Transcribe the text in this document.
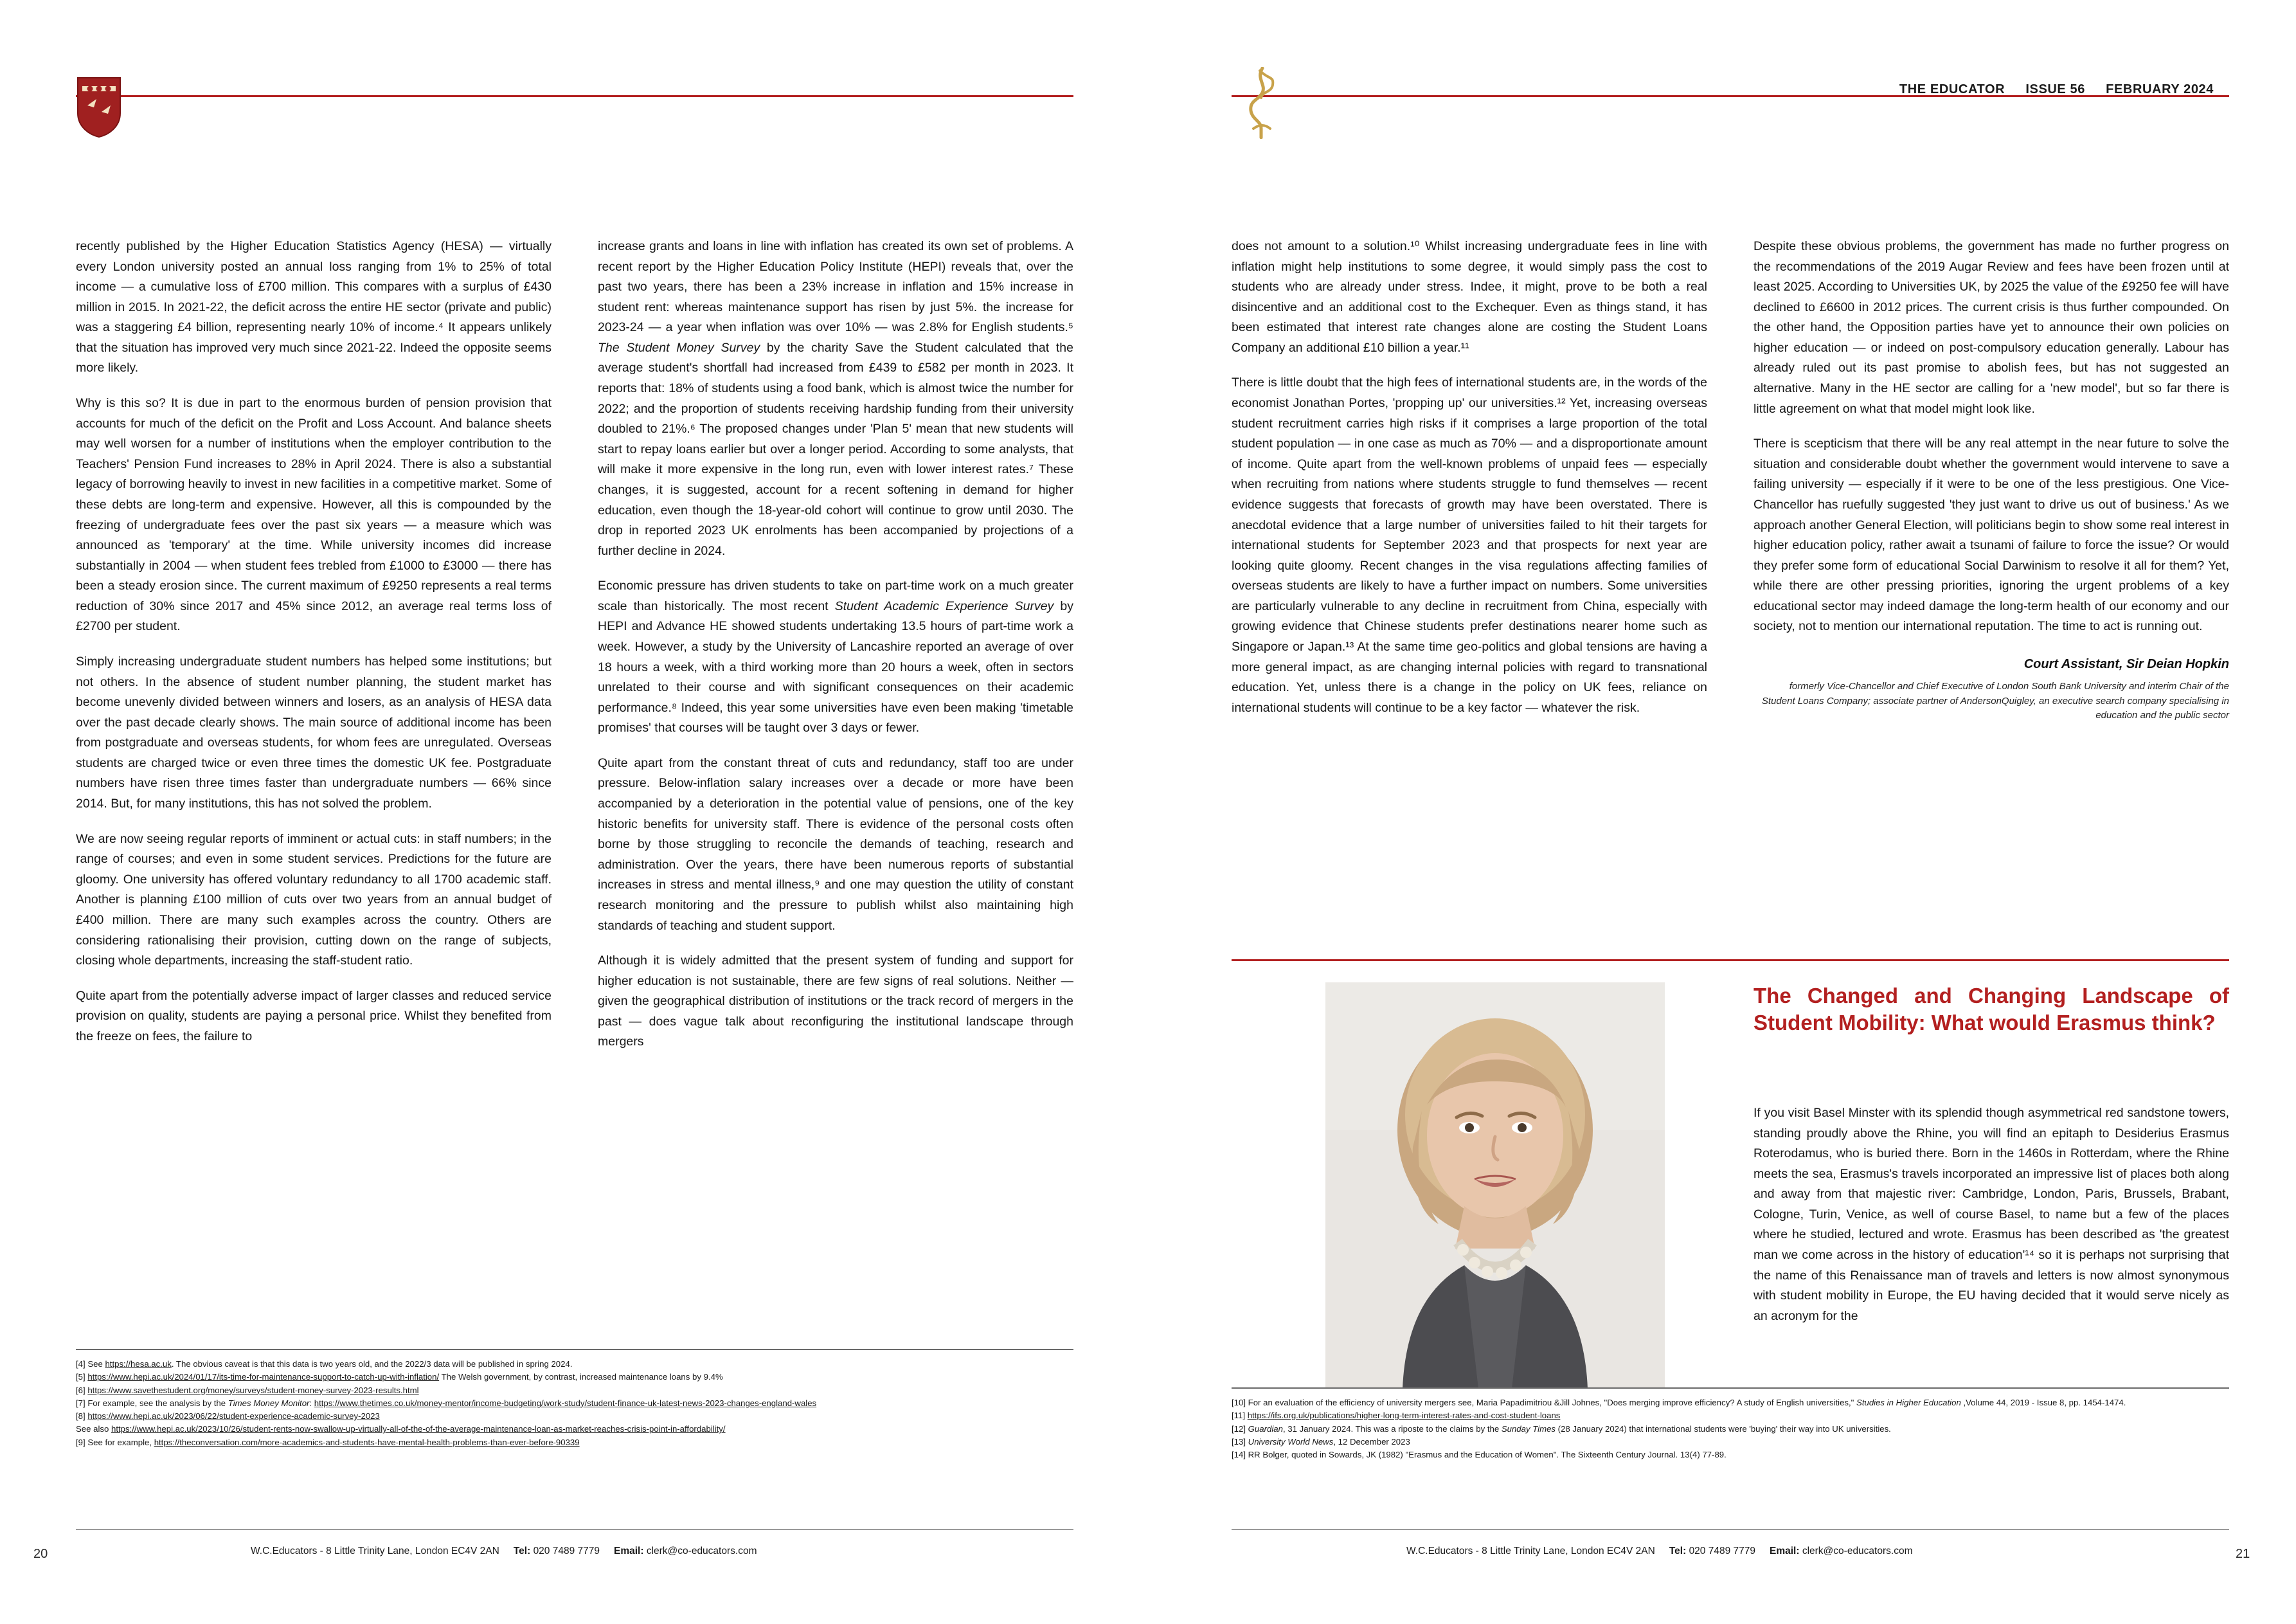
recently published by the Higher Education Statistics Agency (HESA) — virtually every London university posted an annual loss ranging from 1% to 25% of total income — a cumulative loss of £700 million. This compares with a surplus of £430 million in 2015. In 2021-22, the deficit across the entire HE sector (private and public) was a staggering £4 billion, representing nearly 10% of income.⁴ It appears unlikely that the situation has improved very much since 2021-22. Indeed the opposite seems more likely.

Why is this so? It is due in part to the enormous burden of pension provision that accounts for much of the deficit on the Profit and Loss Account. And balance sheets may well worsen for a number of institutions when the employer contribution to the Teachers' Pension Fund increases to 28% in April 2024. There is also a substantial legacy of borrowing heavily to invest in new facilities in a competitive market. Some of these debts are long-term and expensive. However, all this is compounded by the freezing of undergraduate fees over the past six years — a measure which was announced as 'temporary' at the time. While university incomes did increase substantially in 2004 — when student fees trebled from £1000 to £3000 — there has been a steady erosion since. The current maximum of £9250 represents a real terms reduction of 30% since 2017 and 45% since 2012, an average real terms loss of £2700 per student.

Simply increasing undergraduate student numbers has helped some institutions; but not others. In the absence of student number planning, the student market has become unevenly divided between winners and losers, as an analysis of HESA data over the past decade clearly shows. The main source of additional income has been from postgraduate and overseas students, for whom fees are unregulated. Overseas students are charged twice or even three times the domestic UK fee. Postgraduate numbers have risen three times faster than undergraduate numbers — 66% since 2014. But, for many institutions, this has not solved the problem.

We are now seeing regular reports of imminent or actual cuts: in staff numbers; in the range of courses; and even in some student services. Predictions for the future are gloomy. One university has offered voluntary redundancy to all 1700 academic staff. Another is planning £100 million of cuts over two years from an annual budget of £400 million. There are many such examples across the country. Others are considering rationalising their provision, cutting down on the range of subjects, closing whole departments, increasing the staff-student ratio.

Quite apart from the potentially adverse impact of larger classes and reduced service provision on quality, students are paying a personal price. Whilst they benefited from the freeze on fees, the failure to

increase grants and loans in line with inflation has created its own set of problems. A recent report by the Higher Education Policy Institute (HEPI) reveals that, over the past two years, there has been a 23% increase in inflation and 15% increase in student rent: whereas maintenance support has risen by just 5%. the increase for 2023-24 — a year when inflation was over 10% — was 2.8% for English students.⁵ The Student Money Survey by the charity Save the Student calculated that the average student's shortfall had increased from £439 to £582 per month in 2023. It reports that: 18% of students using a food bank, which is almost twice the number for 2022; and the proportion of students receiving hardship funding from their university doubled to 21%.⁶ The proposed changes under 'Plan 5' mean that new students will start to repay loans earlier but over a longer period. According to some analysts, that will make it more expensive in the long run, even with lower interest rates.⁷ These changes, it is suggested, account for a recent softening in demand for higher education, even though the 18-year-old cohort will continue to grow until 2030. The drop in reported 2023 UK enrolments has been accompanied by projections of a further decline in 2024.

Economic pressure has driven students to take on part-time work on a much greater scale than historically. The most recent Student Academic Experience Survey by HEPI and Advance HE showed students undertaking 13.5 hours of part-time work a week. However, a study by the University of Lancashire reported an average of over 18 hours a week, with a third working more than 20 hours a week, often in sectors unrelated to their course and with significant consequences on their academic performance.⁸ Indeed, this year some universities have even been making 'timetable promises' that courses will be taught over 3 days or fewer.

Quite apart from the constant threat of cuts and redundancy, staff too are under pressure. Below-inflation salary increases over a decade or more have been accompanied by a deterioration in the potential value of pensions, one of the key historic benefits for university staff. There is evidence of the personal costs often borne by those struggling to reconcile the demands of teaching, research and administration. Over the years, there have been numerous reports of substantial increases in stress and mental illness,⁹ and one may question the utility of constant research monitoring and the pressure to publish whilst also maintaining high standards of teaching and student support.

Although it is widely admitted that the present system of funding and support for higher education is not sustainable, there are few signs of real solutions. Neither — given the geographical distribution of institutions or the track record of mergers in the past — does vague talk about reconfiguring the institutional landscape through mergers

[4] See https://hesa.ac.uk. The obvious caveat is that this data is two years old, and the 2022/3 data will be published in spring 2024.
[5] https://www.hepi.ac.uk/2024/01/17/its-time-for-maintenance-support-to-catch-up-with-inflation/ The Welsh government, by contrast, increased maintenance loans by 9.4%
[6] https://www.savethestudent.org/money/surveys/student-money-survey-2023-results.html
[7] For example, see the analysis by the Times Money Monitor: https://www.thetimes.co.uk/money-mentor/income-budgeting/work-study/student-finance-uk-latest-news-2023-changes-england-wales
[8] https://www.hepi.ac.uk/2023/06/22/student-experience-academic-survey-2023
See also https://www.hepi.ac.uk/2023/10/26/student-rents-now-swallow-up-virtually-all-of-the-of-the-average-maintenance-loan-as-market-reaches-crisis-point-in-affordability/
[9] See for example, https://theconversation.com/more-academics-and-students-have-mental-health-problems-than-ever-before-90339
W.C.Educators - 8 Little Trinity Lane, London EC4V 2AN Tel: 020 7489 7779 Email: clerk@co-educators.com
20
THE EDUCATOR ISSUE 56 FEBRUARY 2024

does not amount to a solution.¹⁰ Whilst increasing undergraduate fees in line with inflation might help institutions to some degree, it would simply pass the cost to students who are already under stress. Indee, it might, prove to be both a real disincentive and an additional cost to the Exchequer. Even as things stand, it has been estimated that interest rate changes alone are costing the Student Loans Company an additional £10 billion a year.¹¹

There is little doubt that the high fees of international students are, in the words of the economist Jonathan Portes, 'propping up' our universities.¹² Yet, increasing overseas student recruitment carries high risks if it comprises a large proportion of the total student population — in one case as much as 70% — and a disproportionate amount of income. Quite apart from the well-known problems of unpaid fees — especially when recruiting from nations where students struggle to fund themselves — recent evidence suggests that forecasts of growth may have been overstated. There is anecdotal evidence that a large number of universities failed to hit their targets for international students for September 2023 and that prospects for next year are looking quite gloomy. Recent changes in the visa regulations affecting families of overseas students are likely to have a further impact on numbers. Some universities are particularly vulnerable to any decline in recruitment from China, especially with growing evidence that Chinese students prefer destinations nearer home such as Singapore or Japan.¹³ At the same time geo-politics and global tensions are having a more general impact, as are changing internal policies with regard to transnational education. Yet, unless there is a change in the policy on UK fees, reliance on international students will continue to be a key factor — whatever the risk.

Despite these obvious problems, the government has made no further progress on the recommendations of the 2019 Augar Review and fees have been frozen until at least 2025. According to Universities UK, by 2025 the value of the £9250 fee will have declined to £6600 in 2012 prices. The current crisis is thus further compounded. On the other hand, the Opposition parties have yet to announce their own policies on higher education — or indeed on post-compulsory education generally. Labour has already ruled out its past promise to abolish fees, but has not suggested an alternative. Many in the HE sector are calling for a 'new model', but so far there is little agreement on what that model might look like.

There is scepticism that there will be any real attempt in the near future to solve the situation and considerable doubt whether the government would intervene to save a failing university — especially if it were to be one of the less prestigious. One Vice-Chancellor has ruefully suggested 'they just want to drive us out of business.' As we approach another General Election, will politicians begin to show some real interest in higher education policy, rather await a tsunami of failure to force the issue? Or would they prefer some form of educational Social Darwinism to resolve it all for them? Yet, while there are other pressing priorities, ignoring the urgent problems of a key educational sector may indeed damage the long-term health of our economy and our society, not to mention our international reputation. The time to act is running out.

Court Assistant, Sir Deian Hopkin
formerly Vice-Chancellor and Chief Executive of London South Bank University and interim Chair of the Student Loans Company; associate partner of AndersonQuigley, an executive search company specialising in education and the public sector
The Changed and Changing Landscape of Student Mobility: What would Erasmus think?
If you visit Basel Minster with its splendid though asymmetrical red sandstone towers, standing proudly above the Rhine, you will find an epitaph to Desiderius Erasmus Roterodamus, who is buried there. Born in the 1460s in Rotterdam, where the Rhine meets the sea, Erasmus's travels incorporated an impressive list of places both along and away from that majestic river: Cambridge, London, Paris, Brussels, Brabant, Cologne, Turin, Venice, as well of course Basel, to name but a few of the places where he studied, lectured and wrote. Erasmus has been described as 'the greatest man we come across in the history of education'¹⁴ so it is perhaps not surprising that the name of this Renaissance man of travels and letters is now almost synonymous with student mobility in Europe, the EU having decided that it would serve nicely as an acronym for the
[10] For an evaluation of the efficiency of university mergers see, Maria Papadimitriou &Jill Johnes, "Does merging improve efficiency? A study of English universities," Studies in Higher Education ,Volume 44, 2019 - Issue 8, pp. 1454-1474.
[11] https://ifs.org.uk/publications/higher-long-term-interest-rates-and-cost-student-loans
[12] Guardian, 31 January 2024. This was a riposte to the claims by the Sunday Times (28 January 2024) that international students were 'buying' their way into UK universities.
[13] University World News, 12 December 2023
[14] RR Bolger, quoted in Sowards, JK (1982) "Erasmus and the Education of Women". The Sixteenth Century Journal. 13(4) 77-89.
W.C.Educators - 8 Little Trinity Lane, London EC4V 2AN Tel: 020 7489 7779 Email: clerk@co-educators.com	21
